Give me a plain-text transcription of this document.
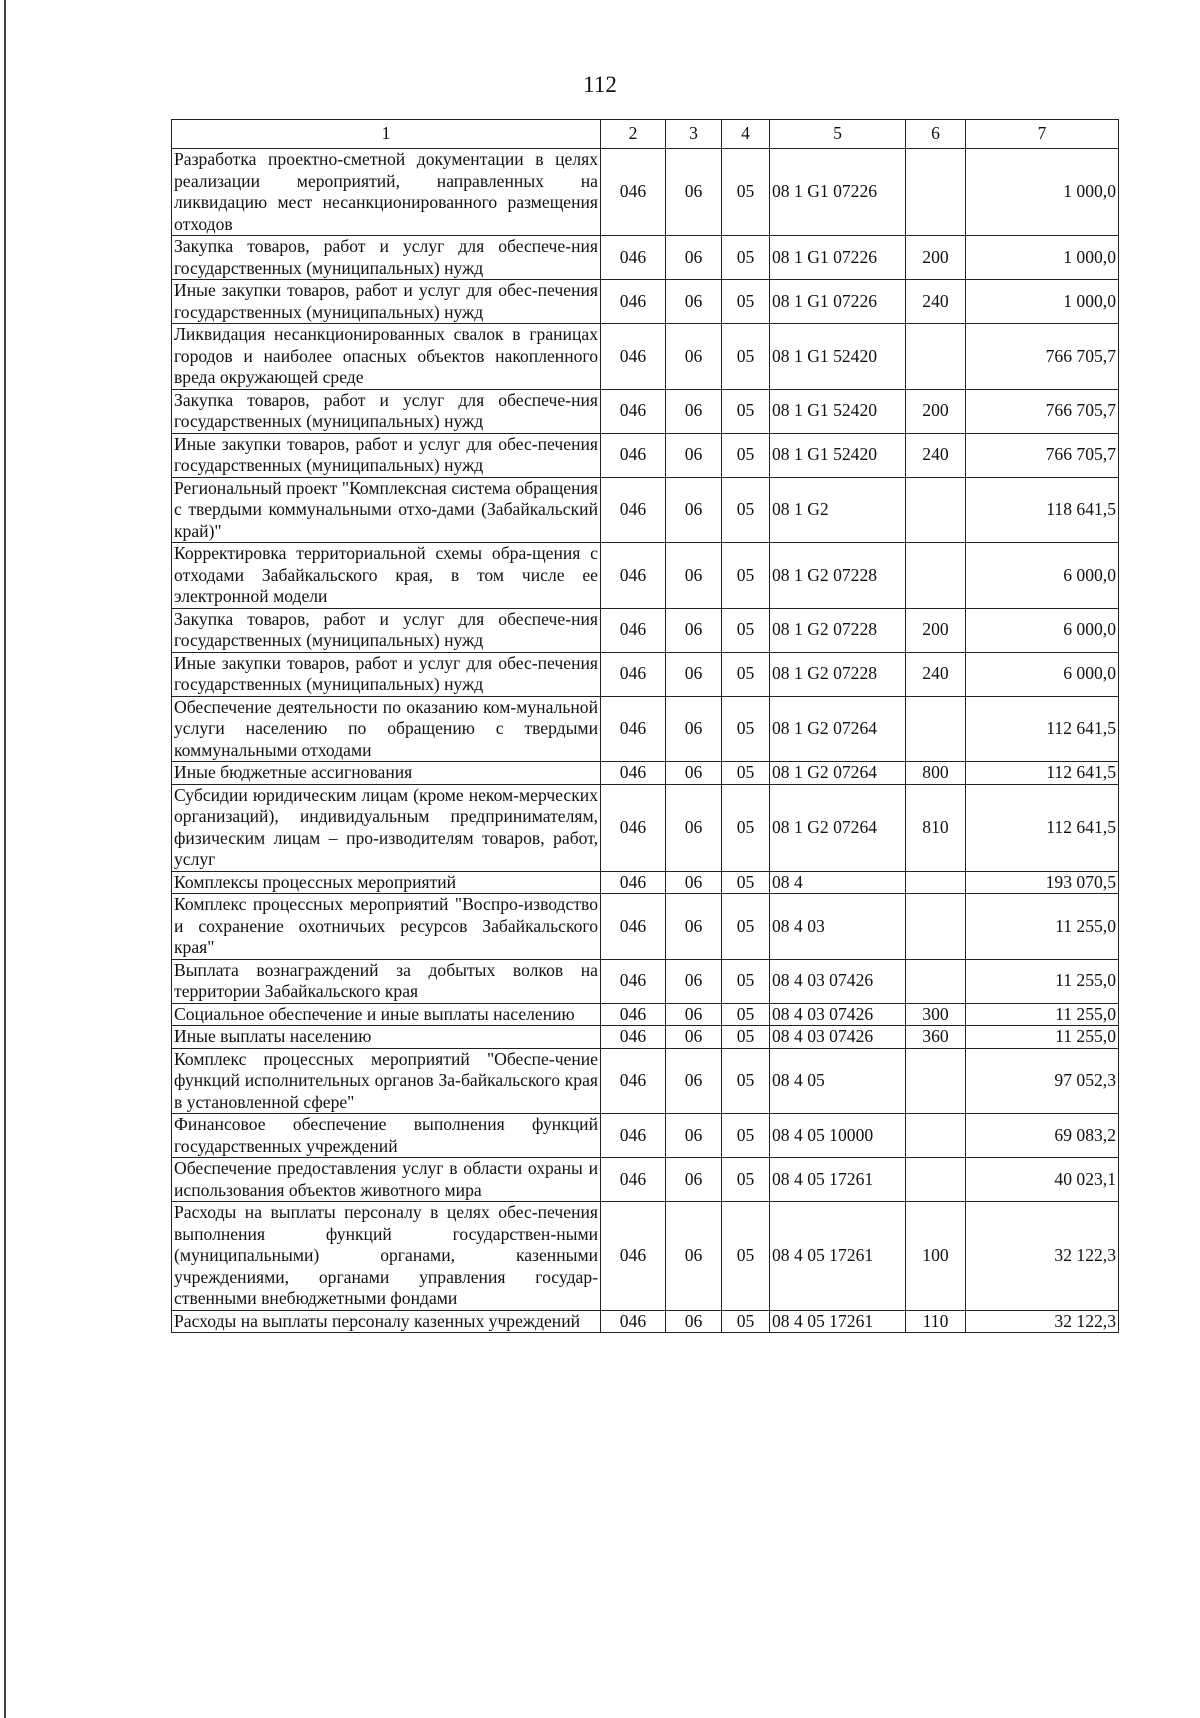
112
1	2	3	4	5	6	7
Разработка проектно-сметной документации в целях реализации мероприятий, направленных на ликвидацию мест несанкционированного размещения отходов	046	06	05	08 1 G1 07226		1 000,0
Закупка товаров, работ и услуг для обеспече-ния государственных (муниципальных) нужд	046	06	05	08 1 G1 07226	200	1 000,0
Иные закупки товаров, работ и услуг для обес-печения государственных (муниципальных) нужд	046	06	05	08 1 G1 07226	240	1 000,0
Ликвидация несанкционированных свалок в границах городов и наиболее опасных объектов накопленного вреда окружающей среде	046	06	05	08 1 G1 52420		766 705,7
Закупка товаров, работ и услуг для обеспече-ния государственных (муниципальных) нужд	046	06	05	08 1 G1 52420	200	766 705,7
Иные закупки товаров, работ и услуг для обес-печения государственных (муниципальных) нужд	046	06	05	08 1 G1 52420	240	766 705,7
Региональный проект "Комплексная система обращения с твердыми коммунальными отхо-дами (Забайкальский край)"	046	06	05	08 1 G2		118 641,5
Корректировка территориальной схемы обра-щения с отходами Забайкальского края, в том числе ее электронной модели	046	06	05	08 1 G2 07228		6 000,0
Закупка товаров, работ и услуг для обеспече-ния государственных (муниципальных) нужд	046	06	05	08 1 G2 07228	200	6 000,0
Иные закупки товаров, работ и услуг для обес-печения государственных (муниципальных) нужд	046	06	05	08 1 G2 07228	240	6 000,0
Обеспечение деятельности по оказанию ком-мунальной услуги населению по обращению с твердыми коммунальными отходами	046	06	05	08 1 G2 07264		112 641,5
Иные бюджетные ассигнования	046	06	05	08 1 G2 07264	800	112 641,5
Субсидии юридическим лицам (кроме неком-мерческих организаций), индивидуальным предпринимателям, физическим лицам – про-изводителям товаров, работ, услуг	046	06	05	08 1 G2 07264	810	112 641,5
Комплексы процессных мероприятий	046	06	05	08 4		193 070,5
Комплекс процессных мероприятий "Воспро-изводство и сохранение охотничьих ресурсов Забайкальского края"	046	06	05	08 4 03		11 255,0
Выплата вознаграждений за добытых волков на территории Забайкальского края	046	06	05	08 4 03 07426		11 255,0
Социальное обеспечение и иные выплаты населению	046	06	05	08 4 03 07426	300	11 255,0
Иные выплаты населению	046	06	05	08 4 03 07426	360	11 255,0
Комплекс процессных мероприятий "Обеспе-чение функций исполнительных органов За-байкальского края в установленной сфере"	046	06	05	08 4 05		97 052,3
Финансовое обеспечение выполнения функций государственных учреждений	046	06	05	08 4 05 10000		69 083,2
Обеспечение предоставления услуг в области охраны и использования объектов животного мира	046	06	05	08 4 05 17261		40 023,1
Расходы на выплаты персоналу в целях обес-печения выполнения функций государствен-ными (муниципальными) органами, казенными учреждениями, органами управления государ-ственными внебюджетными фондами	046	06	05	08 4 05 17261	100	32 122,3
Расходы на выплаты персоналу казенных учреждений	046	06	05	08 4 05 17261	110	32 122,3
